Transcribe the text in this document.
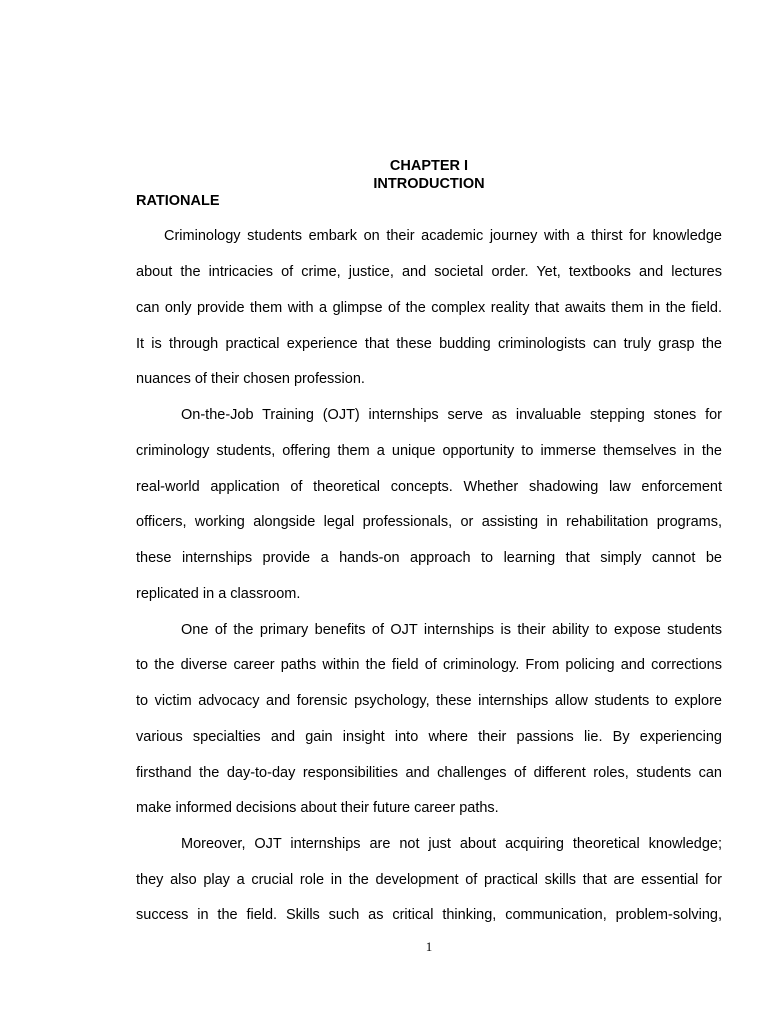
CHAPTER I
INTRODUCTION
RATIONALE
Criminology students embark on their academic journey with a thirst for knowledge
about the intricacies of crime, justice, and societal order. Yet, textbooks and lectures
can only provide them with a glimpse of the complex reality that awaits them in the field.
It is through practical experience that these budding criminologists can truly grasp the
nuances of their chosen profession.
On-the-Job Training (OJT) internships serve as invaluable stepping stones for
criminology students, offering them a unique opportunity to immerse themselves in the
real-world application of theoretical concepts. Whether shadowing law enforcement
officers, working alongside legal professionals, or assisting in rehabilitation programs,
these internships provide a hands-on approach to learning that simply cannot be
replicated in a classroom.
One of the primary benefits of OJT internships is their ability to expose students
to the diverse career paths within the field of criminology. From policing and corrections
to victim advocacy and forensic psychology, these internships allow students to explore
various specialties and gain insight into where their passions lie. By experiencing
firsthand the day-to-day responsibilities and challenges of different roles, students can
make informed decisions about their future career paths.
Moreover, OJT internships are not just about acquiring theoretical knowledge;
they also play a crucial role in the development of practical skills that are essential for
success in the field. Skills such as critical thinking, communication, problem-solving,
1
